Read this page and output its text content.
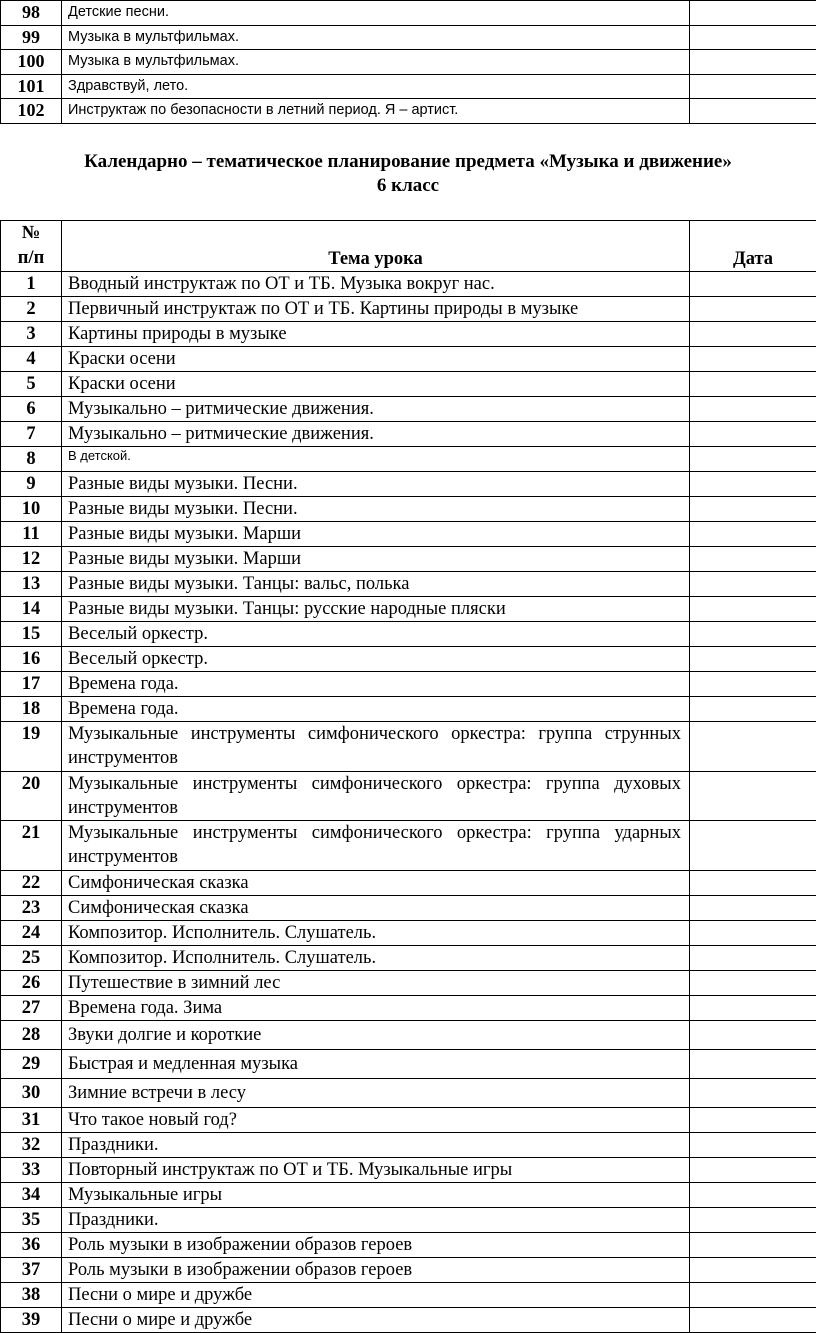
98	Детские песни.	
99	Музыка в мультфильмах.	
100	Музыка в мультфильмах.	
101	Здравствуй, лето.	
102	Инструктаж по безопасности в летний период. Я – артист.	
Календарно – тематическое планирование предмета «Музыка и движение»
6 класс
№
п/п	Тема урока	Дата
1	Вводный инструктаж по ОТ и ТБ. Музыка вокруг нас.	
2	Первичный инструктаж по ОТ и ТБ. Картины природы в музыке	
3	Картины природы в музыке	
4	Краски осени	
5	Краски осени	
6	Музыкально – ритмические движения.	
7	Музыкально – ритмические движения.	
8	В детской.	
9	Разные виды музыки. Песни.	
10	Разные виды музыки. Песни.	
11	Разные виды музыки. Марши	
12	Разные виды музыки. Марши	
13	Разные виды музыки. Танцы: вальс, полька	
14	Разные виды музыки. Танцы: русские народные пляски	
15	Веселый оркестр.	
16	Веселый оркестр.	
17	Времена года.	
18	Времена года.	
19	Музыкальные инструменты симфонического оркестра: группа струнных инструментов	
20	Музыкальные инструменты симфонического оркестра: группа духовых инструментов	
21	Музыкальные инструменты симфонического оркестра: группа ударных инструментов	
22	Симфоническая сказка	
23	Симфоническая сказка	
24	Композитор. Исполнитель. Слушатель.	
25	Композитор. Исполнитель. Слушатель.	
26	Путешествие в зимний лес	
27	Времена года. Зима	
28	Звуки долгие и короткие	
29	Быстрая и медленная музыка	
30	Зимние встречи в лесу	
31	Что такое новый год?	
32	Праздники.	
33	Повторный инструктаж по ОТ и ТБ. Музыкальные игры	
34	Музыкальные игры	
35	Праздники.	
36	Роль музыки в изображении образов героев	
37	Роль музыки в изображении образов героев	
38	Песни о мире и дружбе	
39	Песни о мире и дружбе	
